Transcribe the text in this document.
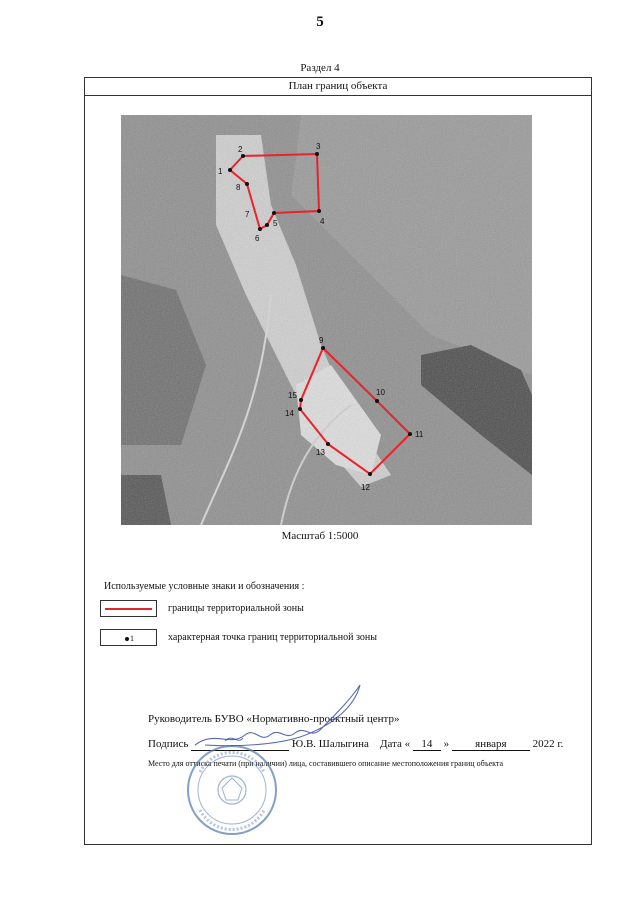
5
Раздел 4
План границ объекта
1
2	3
4
5
6
7
8
9
10
11
12
13
14
15
Масштаб 1:5000
Используемые условные знаки и обозначения :
границы территориальной зоны
1	характерная точка границ территориальной зоны
Руководитель БУВО «Нормативно-проектный центр»
Подпись	Ю.В. Шалыгина Дата « 14 » января 2022 г.
Место для оттиска печати (при наличии) лица, составившего описание местоположения границ объекта
